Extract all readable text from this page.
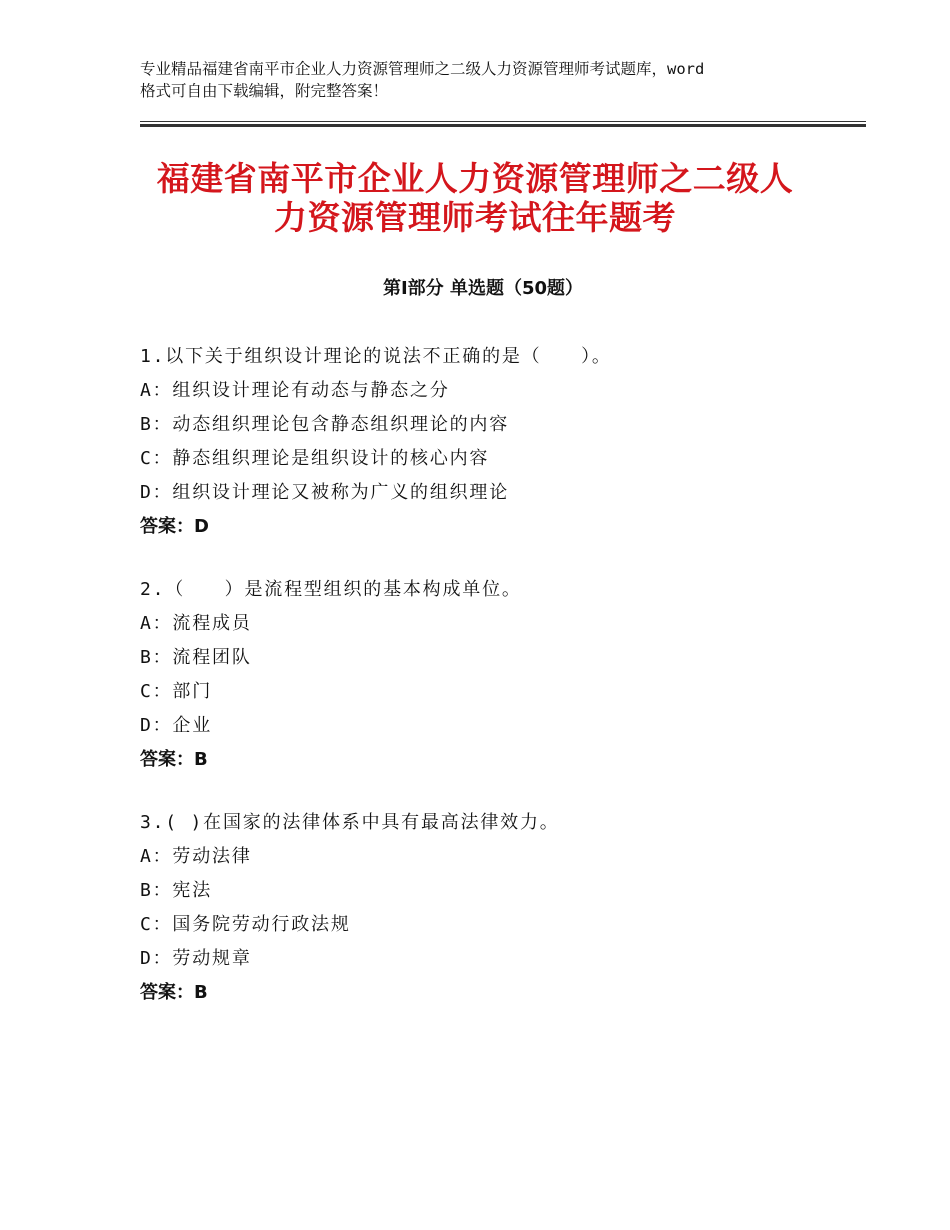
专业精品福建省南平市企业人力资源管理师之二级人力资源管理师考试题库，word
格式可自由下载编辑，附完整答案！
福建省南平市企业人力资源管理师之二级人
力资源管理师考试往年题考
第Ⅰ部分 单选题（50题）
1.以下关于组织设计理论的说法不正确的是（　　）。
A：组织设计理论有动态与静态之分
B：动态组织理论包含静态组织理论的内容
C：静态组织理论是组织设计的核心内容
D：组织设计理论又被称为广义的组织理论
答案：D
2.（　　）是流程型组织的基本构成单位。
A：流程成员
B：流程团队
C：部门
D：企业
答案：B
3.( )在国家的法律体系中具有最高法律效力。
A：劳动法律
B：宪法
C：国务院劳动行政法规
D：劳动规章
答案：B
